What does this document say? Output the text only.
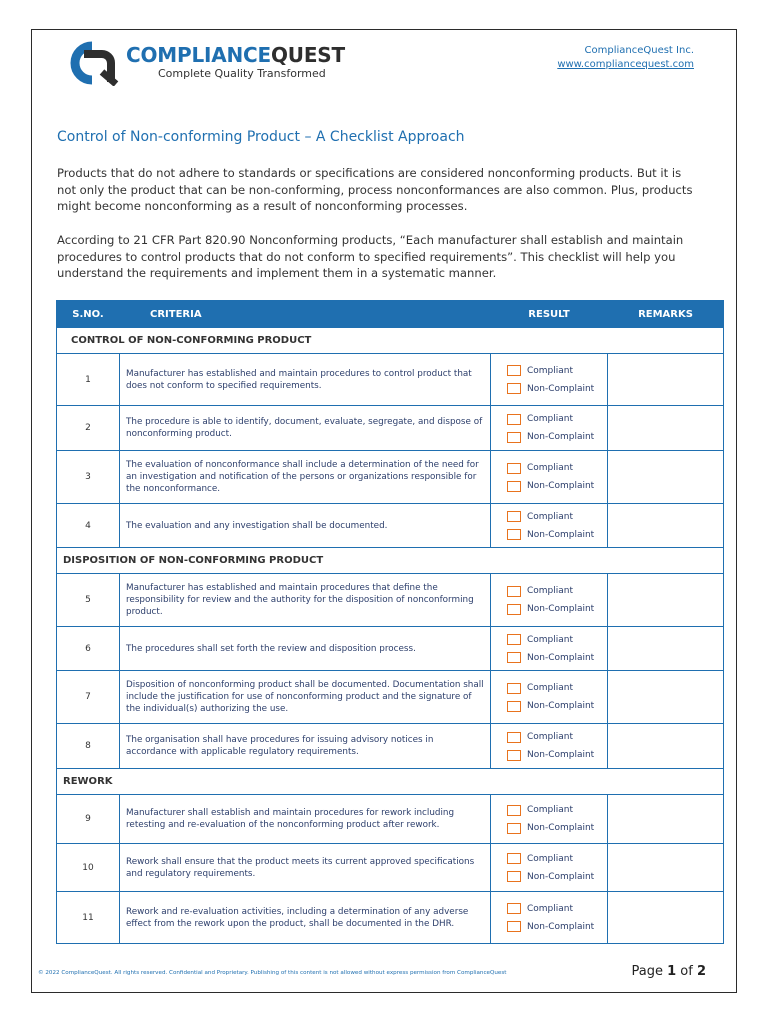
COMPLIANCEQUEST
Complete Quality Transformed
ComplianceQuest Inc.
www.compliancequest.com
Control of Non-conforming Product – A Checklist Approach
Products that do not adhere to standards or specifications are considered nonconforming products. But it is not only the product that can be non-conforming, process nonconformances are also common. Plus, products might become nonconforming as a result of nonconforming processes.
According to 21 CFR Part 820.90 Nonconforming products, “Each manufacturer shall establish and maintain procedures to control products that do not conform to specified requirements”. This checklist will help you understand the requirements and implement them in a systematic manner.
S.NO.	CRITERIA	RESULT	REMARKS
CONTROL OF NON-CONFORMING PRODUCT			
1	Manufacturer has established and maintain procedures to control product that does not conform to specified requirements.	Compliant
Non-Complaint	

2	The procedure is able to identify, document, evaluate, segregate, and dispose of nonconforming product.	Compliant
Non-Complaint	

3	The evaluation of nonconformance shall include a determination of the need for an investigation and notification of the persons or organizations responsible for the nonconformance.	Compliant
Non-Complaint	

4	The evaluation and any investigation shall be documented.	Compliant
Non-Complaint	

DISPOSITION OF NON-CONFORMING PRODUCT			
5	Manufacturer has established and maintain procedures that define the responsibility for review and the authority for the disposition of nonconforming product.	Compliant
Non-Complaint	

6	The procedures shall set forth the review and disposition process.	Compliant
Non-Complaint	

7	Disposition of nonconforming product shall be documented. Documentation shall include the justification for use of nonconforming product and the signature of the individual(s) authorizing the use.	Compliant
Non-Complaint	

8	The organisation shall have procedures for issuing advisory notices in accordance with applicable regulatory requirements.	Compliant
Non-Complaint	

REWORK			
9	Manufacturer shall establish and maintain procedures for rework including retesting and re-evaluation of the nonconforming product after rework.	Compliant
Non-Complaint	

10	Rework shall ensure that the product meets its current approved specifications and regulatory requirements.	Compliant
Non-Complaint	

11	Rework and re-evaluation activities, including a determination of any adverse effect from the rework upon the product, shall be documented in the DHR.	Compliant
Non-Complaint	

© 2022 ComplianceQuest. All rights reserved. Confidential and Proprietary. Publishing of this content is not allowed without express permission from ComplianceQuest	Page 1 of 2
